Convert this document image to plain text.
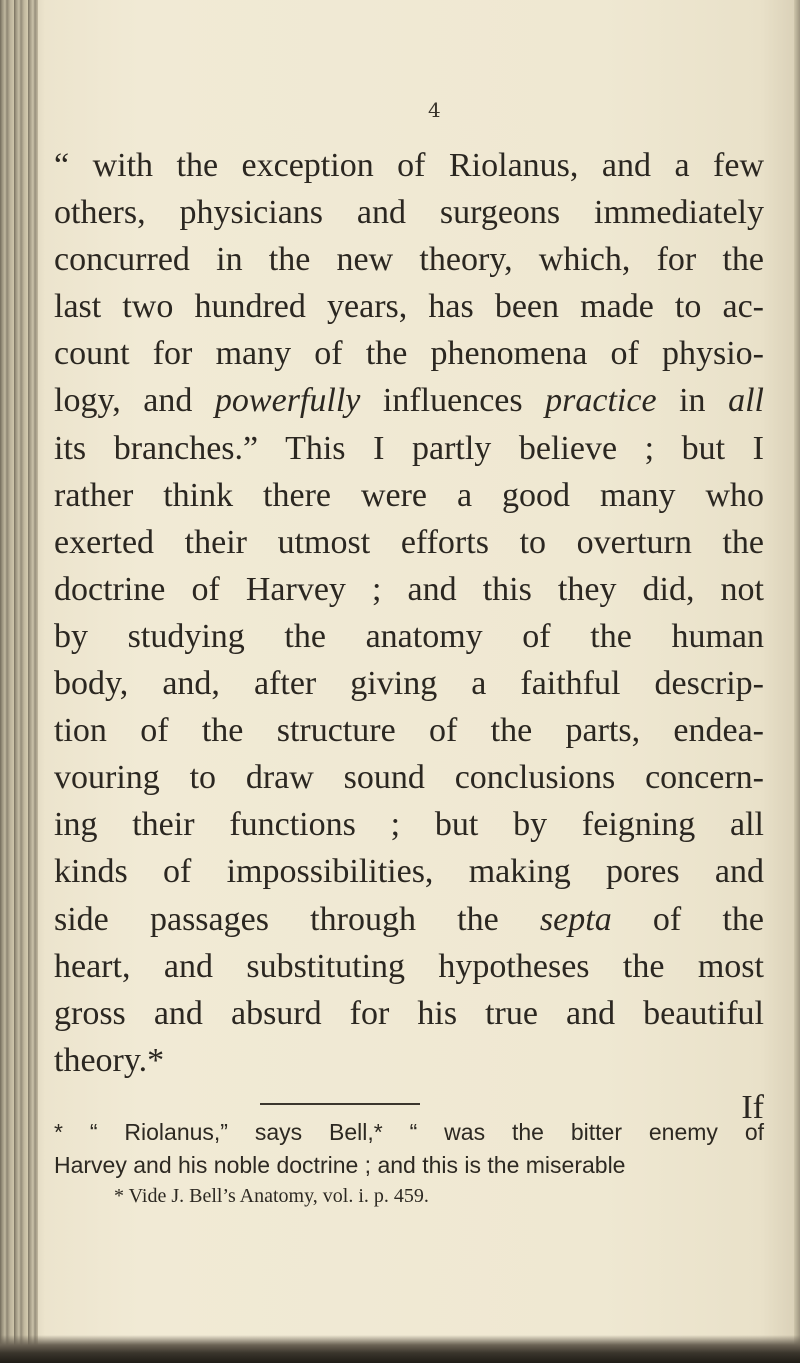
4
“ with the exception of Riolanus, and a few
others, physicians and surgeons immediately
concurred in the new theory, which, for the
last two hundred years, has been made to ac-
count for many of the phenomena of physio-
logy, and powerfully influences practice in all
its branches.” This I partly believe ; but I
rather think there were a good many who
exerted their utmost efforts to overturn the
doctrine of Harvey ; and this they did, not
by studying the anatomy of the human
body, and, after giving a faithful descrip-
tion of the structure of the parts, endea-
vouring to draw sound conclusions concern-
ing their functions ; but by feigning all
kinds of impossibilities, making pores and
side passages through the septa of the
heart, and substituting hypotheses the most
gross and absurd for his true and beautiful
theory.*
If
* “ Riolanus,” says Bell,* “ was the bitter enemy of
Harvey and his noble doctrine ; and this is the miserable
* Vide J. Bell’s Anatomy, vol. i. p. 459.
